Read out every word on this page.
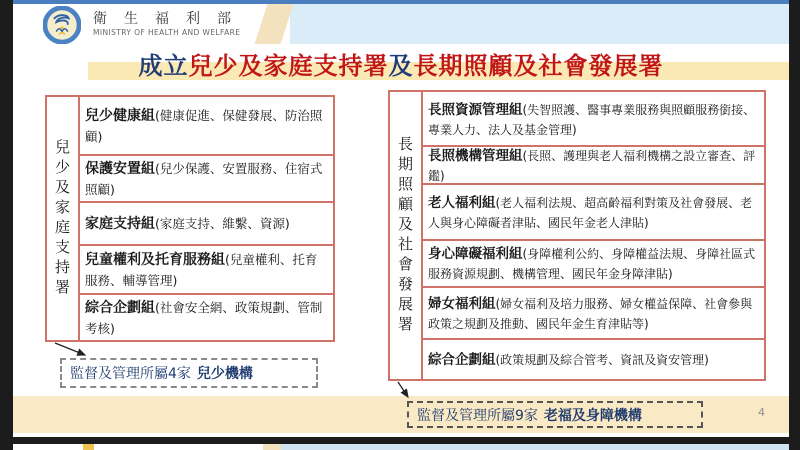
衛生福利部
MINISTRY OF HEALTH AND WELFARE
成立兒少及家庭支持署及長期照顧及社會發展署
兒少及家庭支持署
兒少健康組(健康促進、保健發展、防治照顧)
保護安置組(兒少保護、安置服務、住宿式照顧)
家庭支持組(家庭支持、維繫、資源)
兒童權利及托育服務組(兒童權利、托育服務、輔導管理)
綜合企劃組(社會安全網、政策規劃、管制考核)	長期照顧及社會發展署
長照資源管理組(失智照護、醫事專業服務與照顧服務銜接、專業人力、法人及基金管理)
長照機構管理組(長照、護理與老人福利機構之設立審查、評鑑)
老人福利組(老人福利法規、超高齡福利對策及社會發展、老人與身心障礙者津貼、國民年金老人津貼)
身心障礙福利組(身障權利公約、身障權益法規、身障社區式服務資源規劃、機構管理、國民年金身障津貼)
婦女福利組(婦女福利及培力服務、婦女權益保障、社會參與政策之規劃及推動、國民年金生育津貼等)
綜合企劃組(政策規劃及綜合管考、資訊及資安管理)
監督及管理所屬4家 兒少機構
監督及管理所屬9家 老福及身障機構	4
